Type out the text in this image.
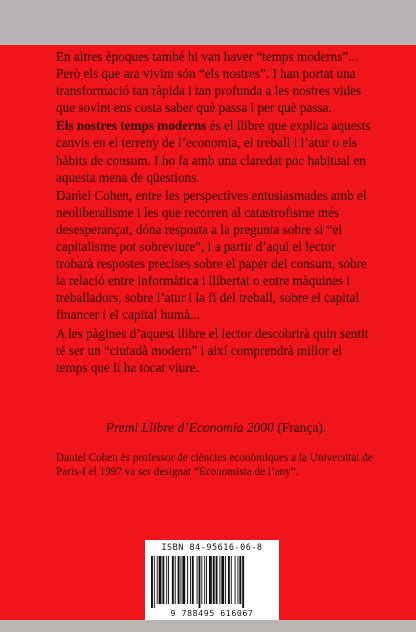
En altres èpoques també hi van haver “temps moderns”... Però els que ara vivim són “els nostres”. I han portat una transformació tan ràpida i tan profunda a les nostres vides que sovint ens costa saber què passa i per què passa.

Els nostres temps moderns és el llibre que explica aquests canvis en el terreny de l’economia, el treball i l’atur o els hàbits de consum. I ho fa amb una claredat poc habitual en aquesta mena de qüestions.

Daniel Cohen, entre les perspectives entusiasmades amb el neoliberalisme i les que recorren al catastrofisme més desesperançat, dóna resposta a la pregunta sobre si “el capitalisme pot sobreviure”, i a partir d’aquí el lector trobarà respostes precises sobre el paper del consum, sobre la relació entre informàtica i llibertat o entre màquines i treballadors, sobre l’atur i la fi del treball, sobre el capital financer i el capital humà...

A les pàgines d’aquest llibre el lector descobrirà quin sentit té ser un “ciutadà modern” i així comprendrà millor el temps que li ha tocat viure.

Premi Llibre d’Economia 2000 (França).
Daniel Cohen és professor de ciències econòmiques a la Universitat de París-I el 1997 va ser designat “Economista de l’any”.
ISBN 84-95616-06-8
9 788495 616067
